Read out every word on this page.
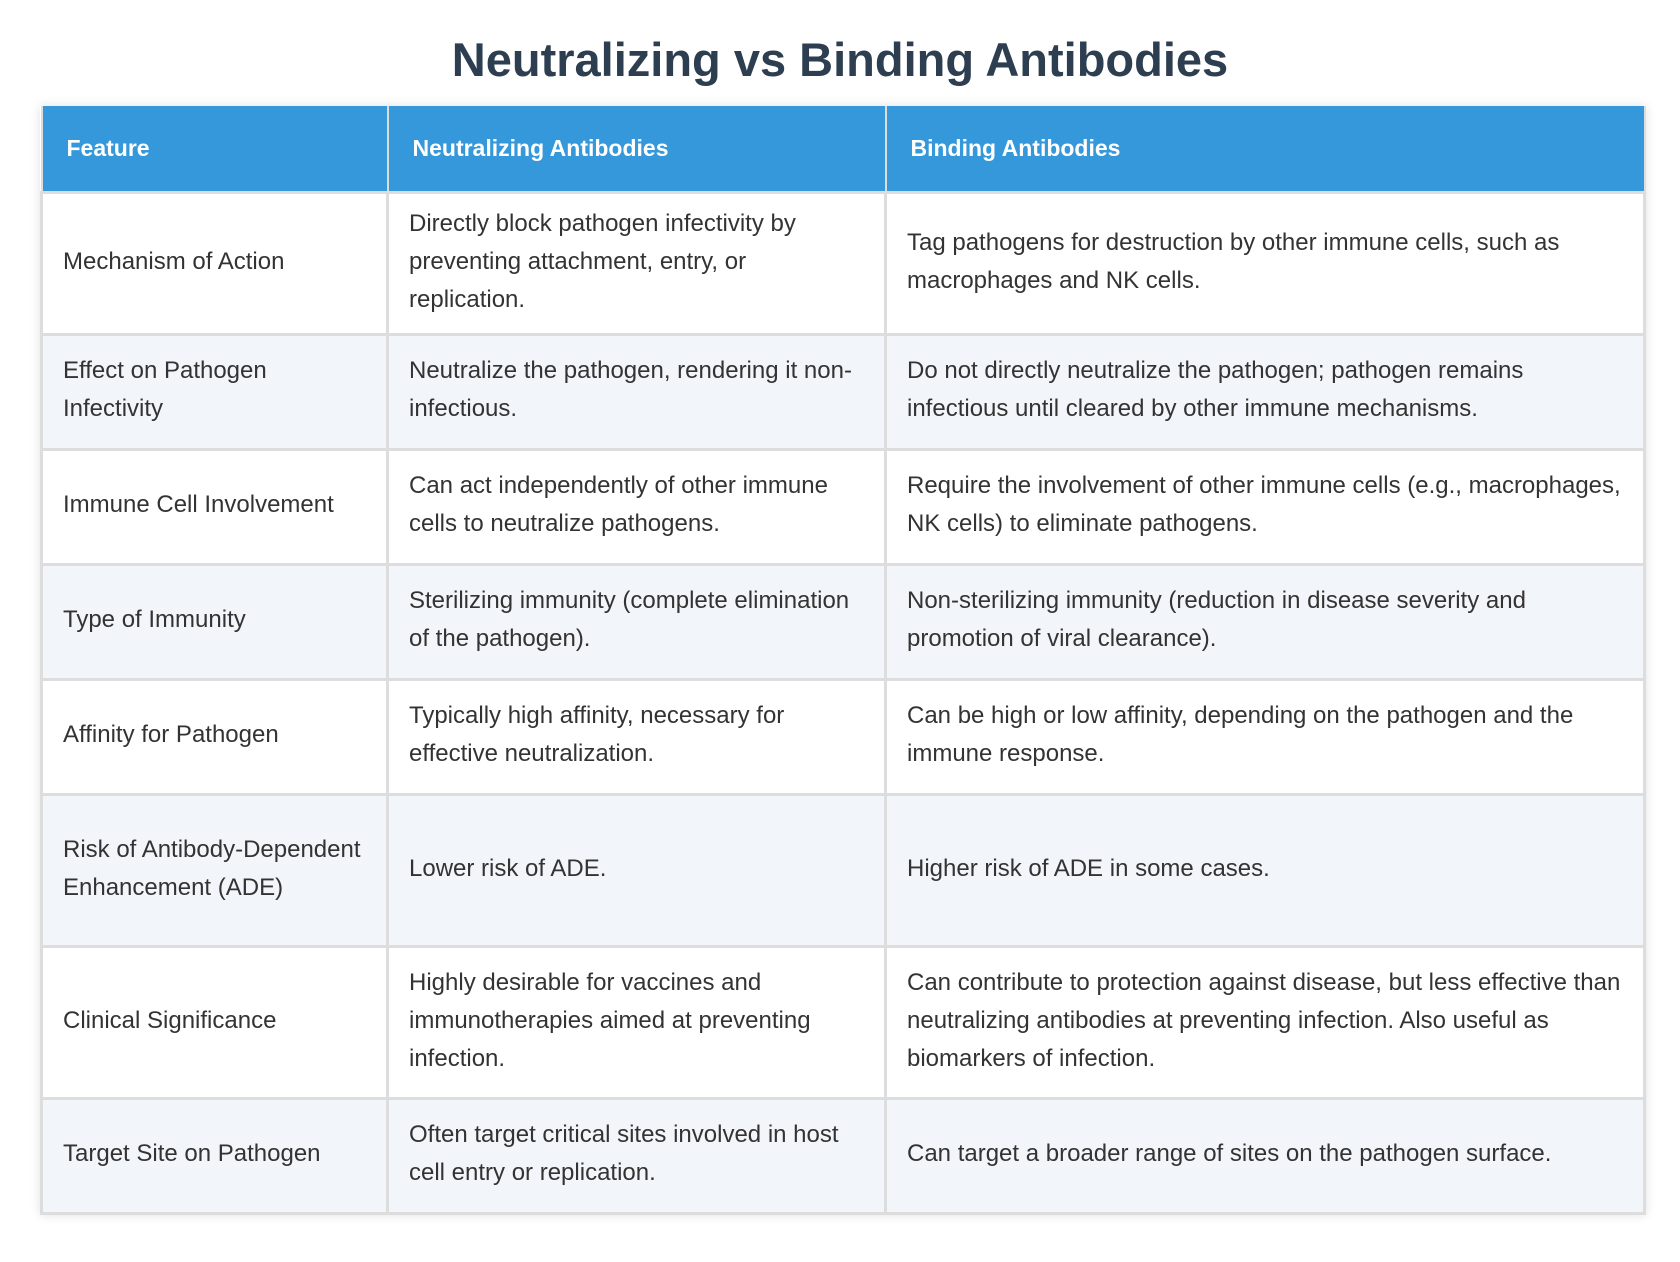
Neutralizing vs Binding Antibodies
Feature	Neutralizing Antibodies	Binding Antibodies
Mechanism of Action	Directly block pathogen infectivity by preventing attachment, entry, or replication.	Tag pathogens for destruction by other immune cells, such as macrophages and NK cells.
Effect on Pathogen Infectivity	Neutralize the pathogen, rendering it non-infectious.	Do not directly neutralize the pathogen; pathogen remains infectious until cleared by other immune mechanisms.
Immune Cell Involvement	Can act independently of other immune cells to neutralize pathogens.	Require the involvement of other immune cells (e.g., macrophages, NK cells) to eliminate pathogens.
Type of Immunity	Sterilizing immunity (complete elimination of the pathogen).	Non-sterilizing immunity (reduction in disease severity and promotion of viral clearance).
Affinity for Pathogen	Typically high affinity, necessary for effective neutralization.	Can be high or low affinity, depending on the pathogen and the immune response.
Risk of Antibody-Dependent Enhancement (ADE)	Lower risk of ADE.	Higher risk of ADE in some cases.
Clinical Significance	Highly desirable for vaccines and immunotherapies aimed at preventing infection.	Can contribute to protection against disease, but less effective than neutralizing antibodies at preventing infection. Also useful as biomarkers of infection.
Target Site on Pathogen	Often target critical sites involved in host cell entry or replication.	Can target a broader range of sites on the pathogen surface.
